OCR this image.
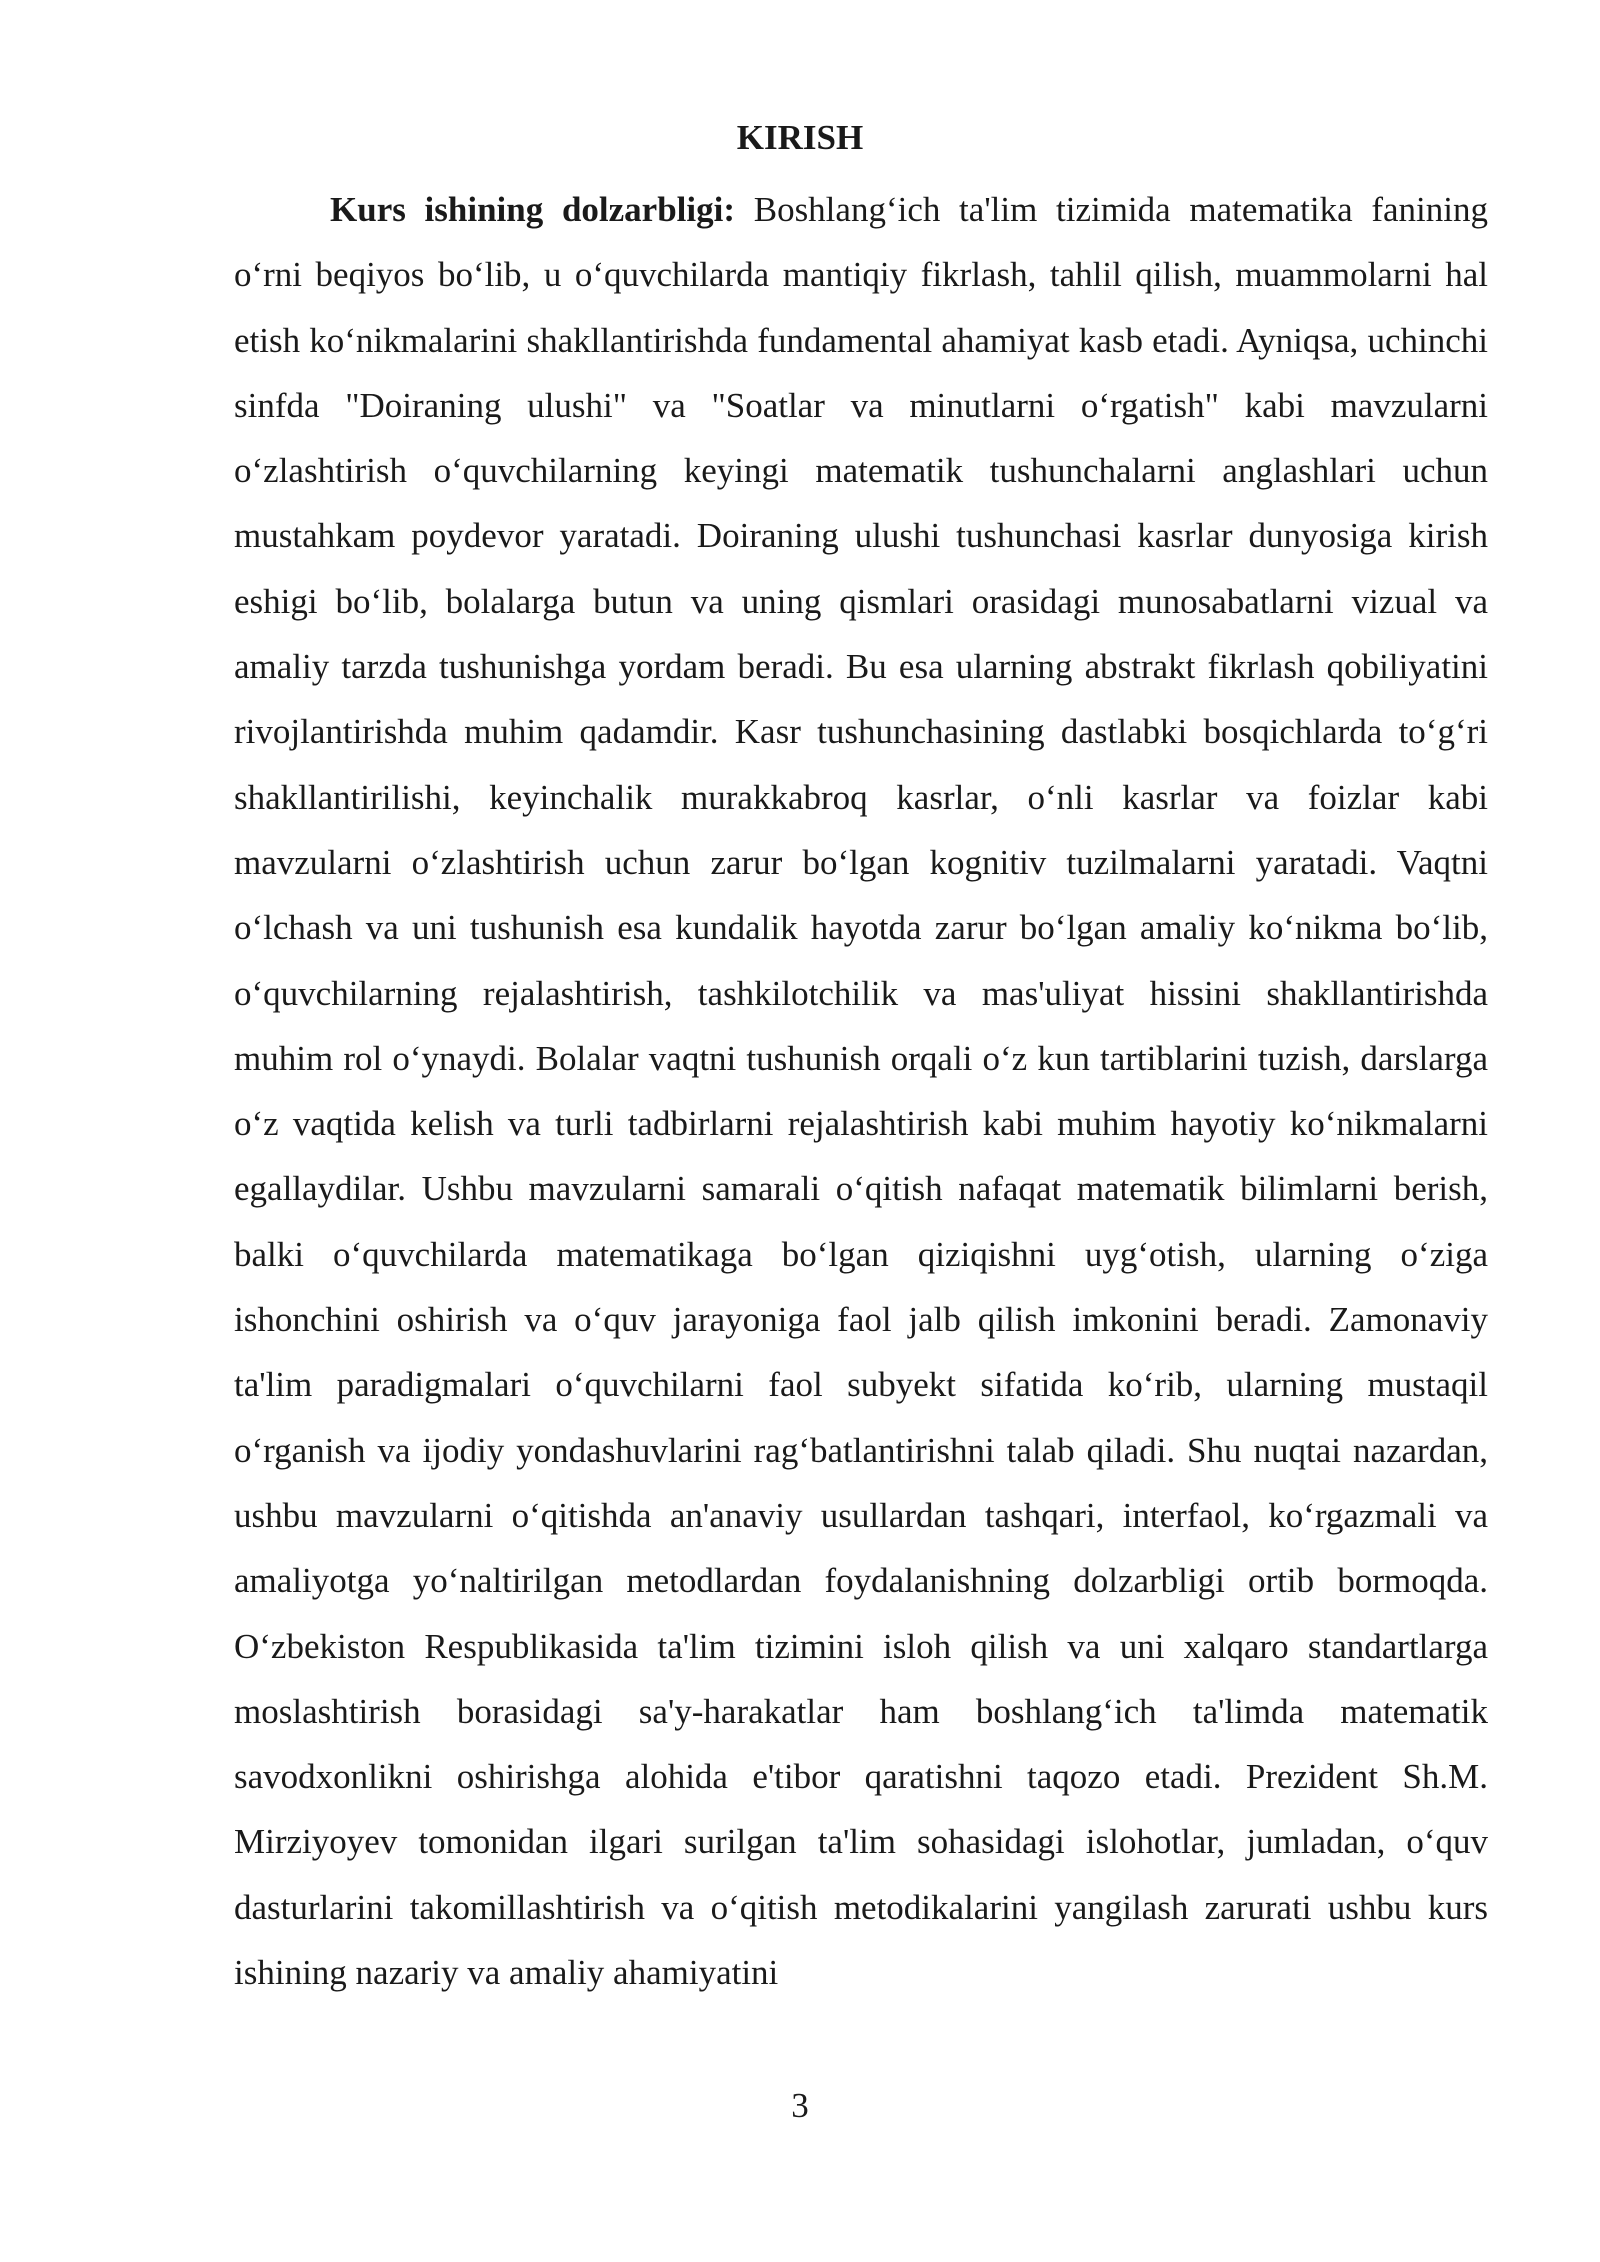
KIRISH

Kurs ishining dolzarbligi: Boshlang‘ich ta'lim tizimida matematika fanining o‘rni beqiyos bo‘lib, u o‘quvchilarda mantiqiy fikrlash, tahlil qilish, muammolarni hal etish ko‘nikmalarini shakllantirishda fundamental ahamiyat kasb etadi. Ayniqsa, uchinchi sinfda "Doiraning ulushi" va "Soatlar va minutlarni o‘rgatish" kabi mavzularni o‘zlashtirish o‘quvchilarning keyingi matematik tushunchalarni anglashlari uchun mustahkam poydevor yaratadi. Doiraning ulushi tushunchasi kasrlar dunyosiga kirish eshigi bo‘lib, bolalarga butun va uning qismlari orasidagi munosabatlarni vizual va amaliy tarzda tushunishga yordam beradi. Bu esa ularning abstrakt fikrlash qobiliyatini rivojlantirishda muhim qadamdir. Kasr tushunchasining dastlabki bosqichlarda to‘g‘ri shakllantirilishi, keyinchalik murakkabroq kasrlar, o‘nli kasrlar va foizlar kabi mavzularni o‘zlashtirish uchun zarur bo‘lgan kognitiv tuzilmalarni yaratadi. Vaqtni o‘lchash va uni tushunish esa kundalik hayotda zarur bo‘lgan amaliy ko‘nikma bo‘lib, o‘quvchilarning rejalashtirish, tashkilotchilik va mas'uliyat hissini shakllantirishda muhim rol o‘ynaydi. Bolalar vaqtni tushunish orqali o‘z kun tartiblarini tuzish, darslarga o‘z vaqtida kelish va turli tadbirlarni rejalashtirish kabi muhim hayotiy ko‘nikmalarni egallaydilar. Ushbu mavzularni samarali o‘qitish nafaqat matematik bilimlarni berish, balki o‘quvchilarda matematikaga bo‘lgan qiziqishni uyg‘otish, ularning o‘ziga ishonchini oshirish va o‘quv jarayoniga faol jalb qilish imkonini beradi. Zamonaviy ta'lim paradigmalari o‘quvchilarni faol subyekt sifatida ko‘rib, ularning mustaqil o‘rganish va ijodiy yondashuvlarini rag‘batlantirishni talab qiladi. Shu nuqtai nazardan, ushbu mavzularni o‘qitishda an'anaviy usullardan tashqari, interfaol, ko‘rgazmali va amaliyotga yo‘naltirilgan metodlardan foydalanishning dolzarbligi ortib bormoqda. O‘zbekiston Respublikasida ta'lim tizimini isloh qilish va uni xalqaro standartlarga moslashtirish borasidagi sa'y-harakatlar ham boshlang‘ich ta'limda matematik savodxonlikni oshirishga alohida e'tibor qaratishni taqozo etadi. Prezident Sh.M. Mirziyoyev tomonidan ilgari surilgan ta'lim sohasidagi islohotlar, jumladan, o‘quv dasturlarini takomillashtirish va o‘qitish metodikalarini yangilash zarurati ushbu kurs ishining nazariy va amaliy ahamiyatini

3
